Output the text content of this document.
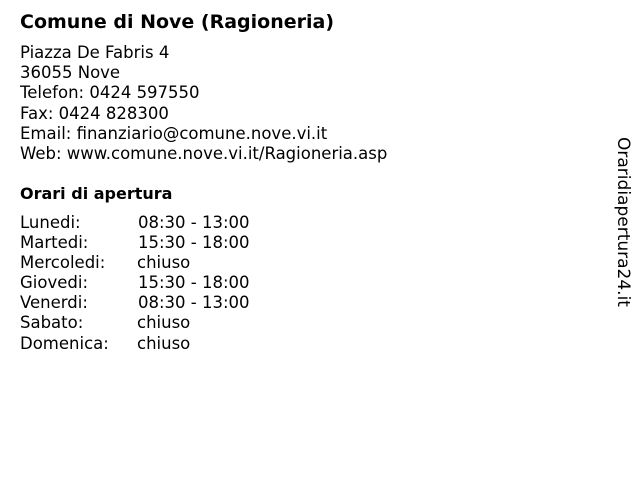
Comune di Nove (Ragioneria)
Piazza De Fabris 4
36055 Nove
Telefon: 0424 597550
Fax: 0424 828300
Email: finanziario@comune.nove.vi.it
Web: www.comune.nove.vi.it/Ragioneria.asp
Orari di apertura
Lunedi:	08:30 - 13:00
Martedi:	15:30 - 18:00
Mercoledi: chiuso
Giovedi:	15:30 - 18:00
Venerdi:	08:30 - 13:00
Sabato:	chiuso
Domenica: chiuso
Oraridiapertura24.it
